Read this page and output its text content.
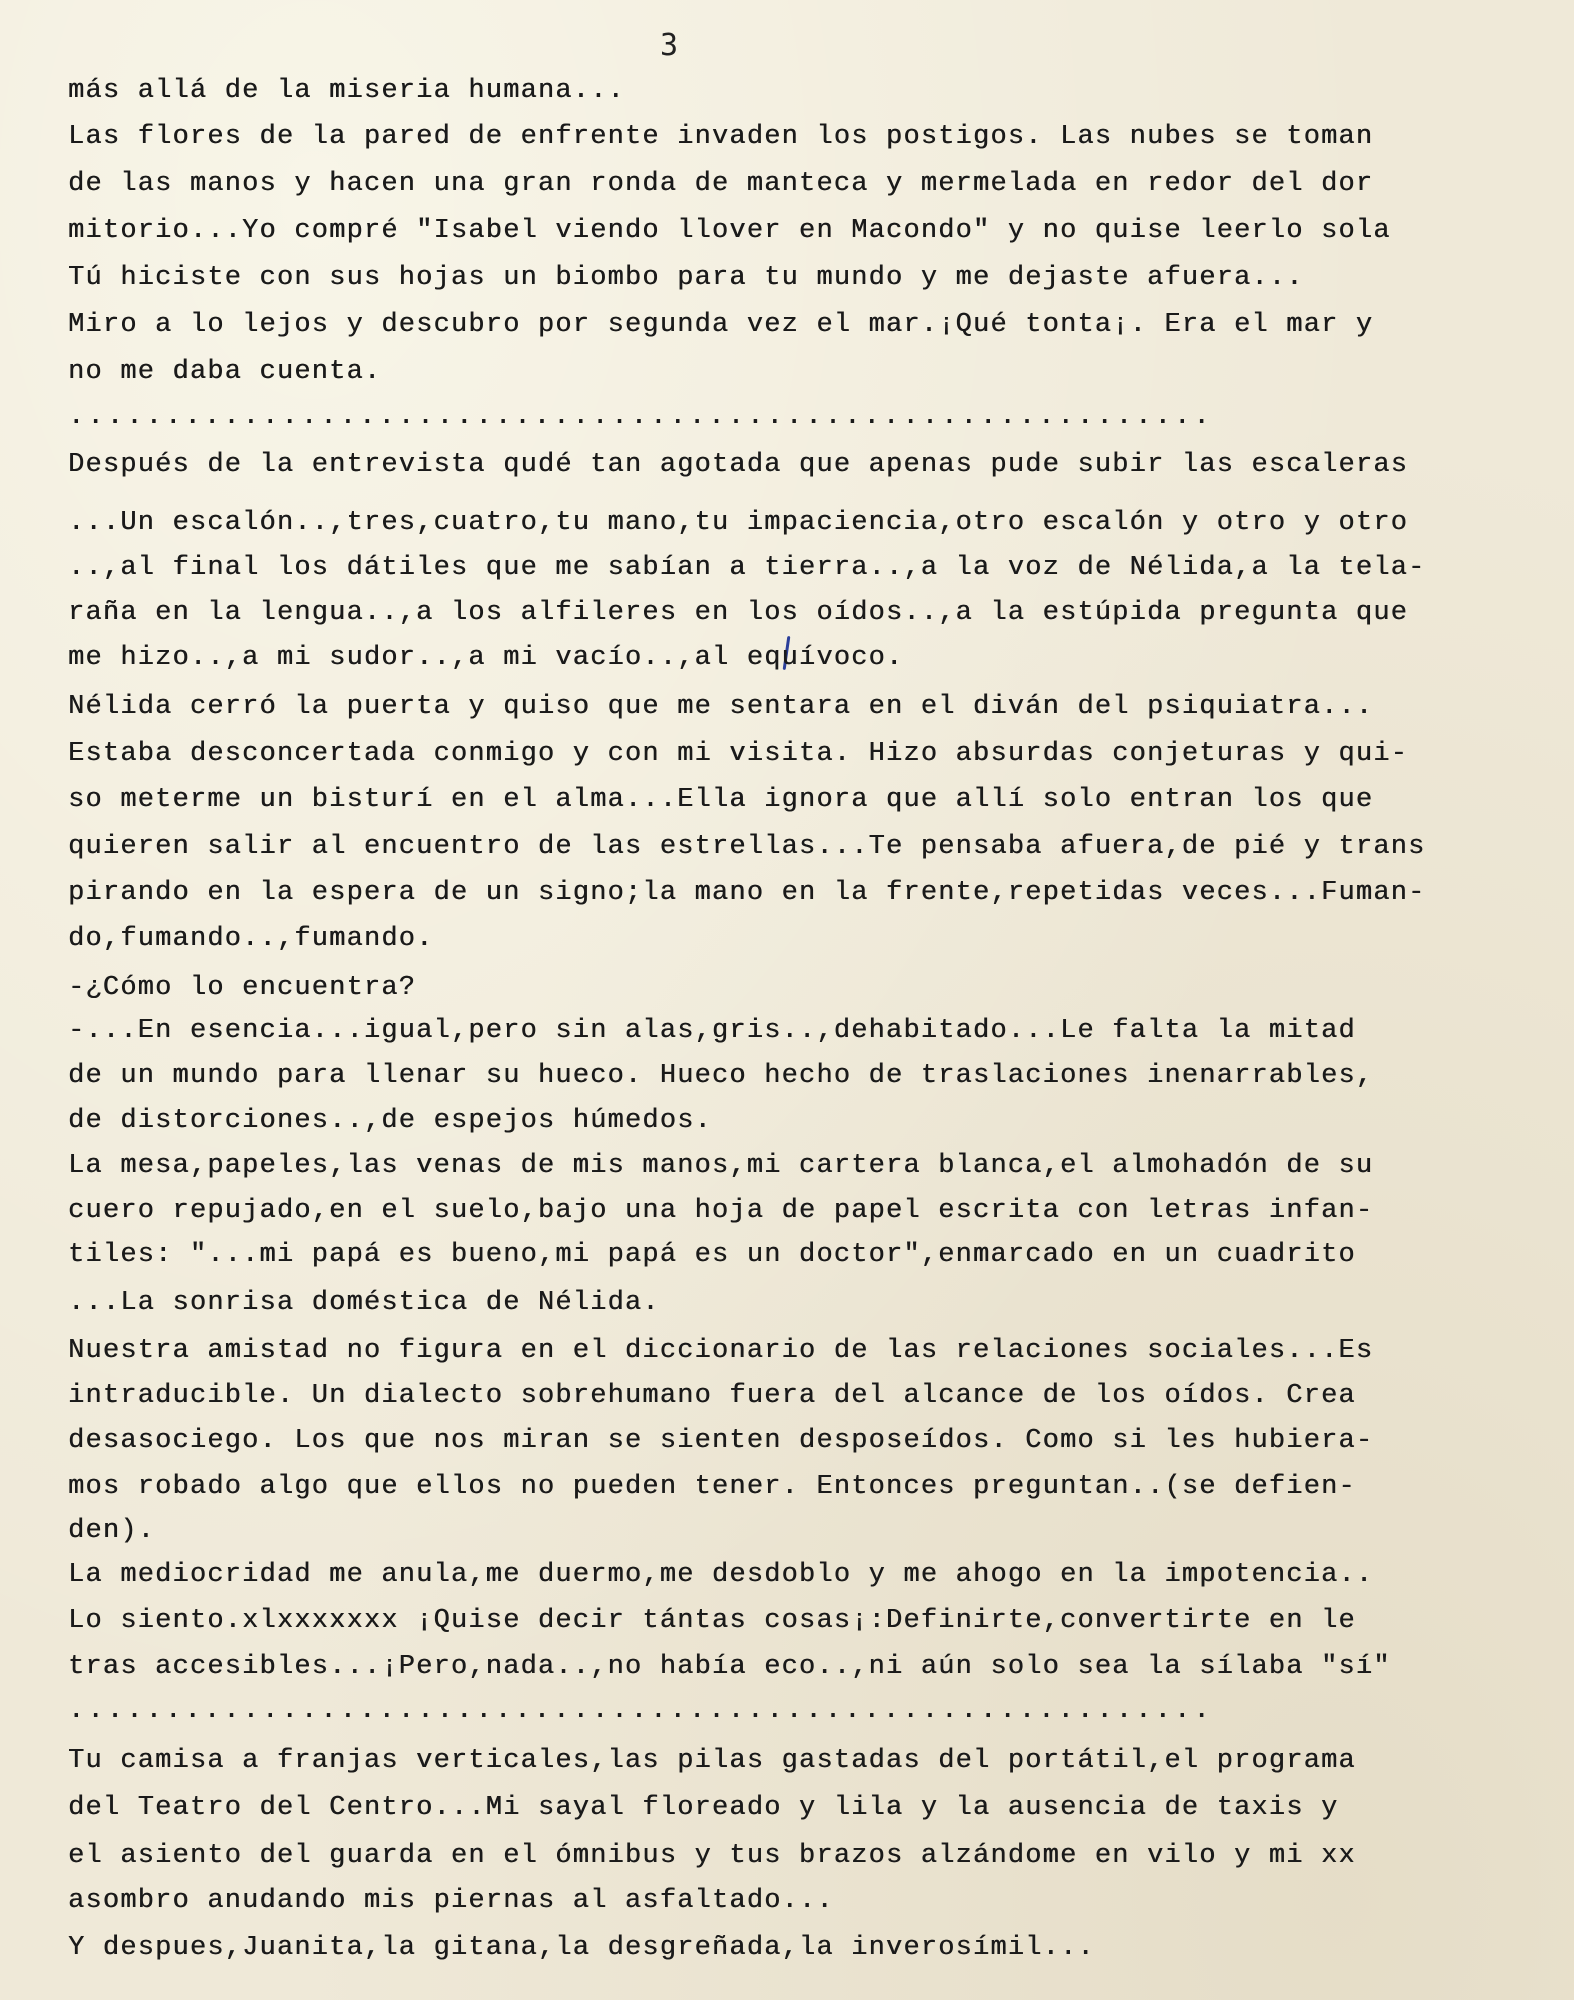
3
más allá de la miseria humana...
Las flores de la pared de enfrente invaden los postigos. Las nubes se toman
de las manos y hacen una gran ronda de manteca y mermelada en redor del dor
mitorio...Yo compré "Isabel viendo llover en Macondo" y no quise leerlo sola
Tú hiciste con sus hojas un biombo para tu mundo y me dejaste afuera...
Miro a lo lejos y descubro por segunda vez el mar.¡Qué tonta¡. Era el mar y
no me daba cuenta.
...........................................................
Después de la entrevista qudé tan agotada que apenas pude subir las escaleras
...Un escalón..,tres,cuatro,tu mano,tu impaciencia,otro escalón y otro y otro
..,al final los dátiles que me sabían a tierra..,a la voz de Nélida,a la tela-
raña en la lengua..,a los alfileres en los oídos..,a la estúpida pregunta que
me hizo..,a mi sudor..,a mi vacío..,al equívoco.
Nélida cerró la puerta y quiso que me sentara en el diván del psiquiatra...
Estaba desconcertada conmigo y con mi visita. Hizo absurdas conjeturas y qui-
so meterme un bisturí en el alma...Ella ignora que allí solo entran los que
quieren salir al encuentro de las estrellas...Te pensaba afuera,de pié y trans
pirando en la espera de un signo;la mano en la frente,repetidas veces...Fuman-
do,fumando..,fumando.
-¿Cómo lo encuentra?
-...En esencia...igual,pero sin alas,gris..,dehabitado...Le falta la mitad
de un mundo para llenar su hueco. Hueco hecho de traslaciones inenarrables,
de distorciones..,de espejos húmedos.
La mesa,papeles,las venas de mis manos,mi cartera blanca,el almohadón de su
cuero repujado,en el suelo,bajo una hoja de papel escrita con letras infan-
tiles: "...mi papá es bueno,mi papá es un doctor",enmarcado en un cuadrito
...La sonrisa doméstica de Nélida.
Nuestra amistad no figura en el diccionario de las relaciones sociales...Es
intraducible. Un dialecto sobrehumano fuera del alcance de los oídos. Crea
desasociego. Los que nos miran se sienten desposeídos. Como si les hubiera-
mos robado algo que ellos no pueden tener. Entonces preguntan..(se defien-
den).
La mediocridad me anula,me duermo,me desdoblo y me ahogo en la impotencia..
Lo siento.xlxxxxxxx ¡Quise decir tántas cosas¡:Definirte,convertirte en le
tras accesibles...¡Pero,nada..,no había eco..,ni aún solo sea la sílaba "sí"
...........................................................
Tu camisa a franjas verticales,las pilas gastadas del portátil,el programa
del Teatro del Centro...Mi sayal floreado y lila y la ausencia de taxis y
el asiento del guarda en el ómnibus y tus brazos alzándome en vilo y mi xx
asombro anudando mis piernas al asfaltado...
Y despues,Juanita,la gitana,la desgreñada,la inverosímil...
